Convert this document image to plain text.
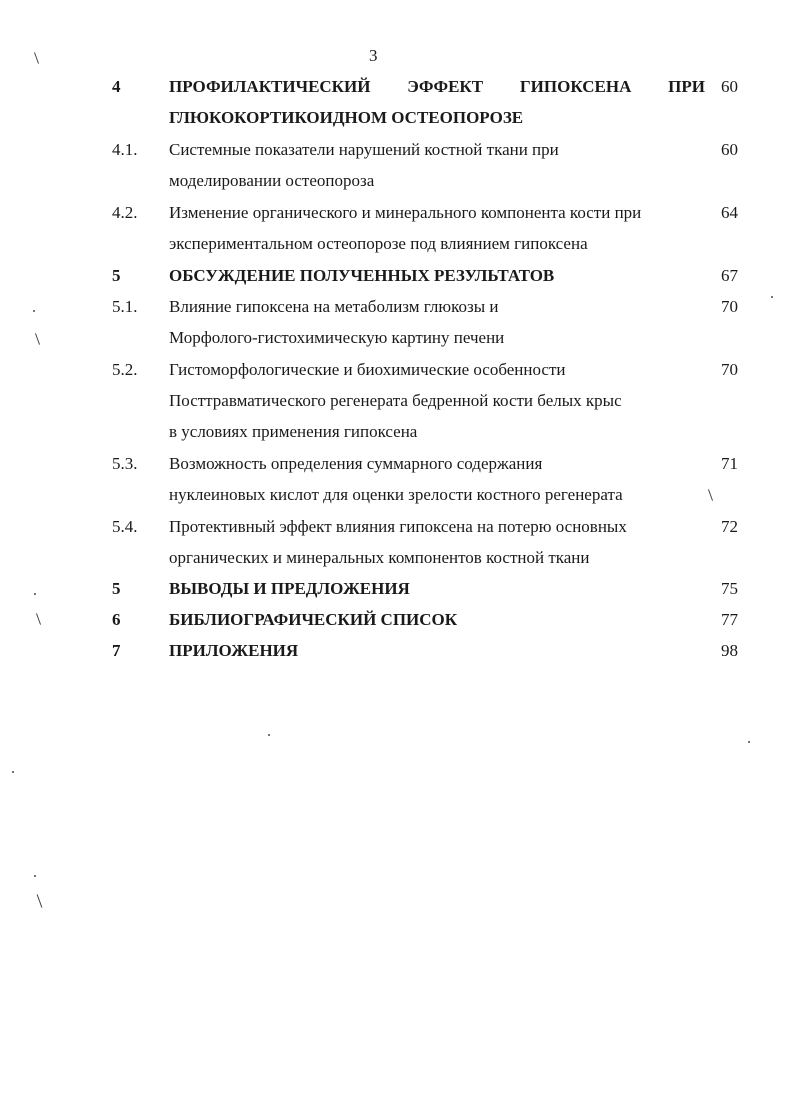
3
4	ПРОФИЛАКТИЧЕСКИЙ ЭФФЕКТ ГИПОКСЕНА ПРИ 60
ГЛЮКОКОРТИКОИДНОМ ОСТЕОПОРОЗЕ
4.1. Системные показатели нарушений костной ткани при	60
моделировании остеопороза
4.2. Изменение органического и минерального компонента кости при	64
экспериментальном остеопорозе под влиянием гипоксена
5	ОБСУЖДЕНИЕ ПОЛУЧЕННЫХ РЕЗУЛЬТАТОВ	67
5.1. Влияние гипоксена на метаболизм глюкозы и	70
Морфолого-гистохимическую картину печени
5.2. Гистоморфологические и биохимические особенности	70
Посттравматического регенерата бедренной кости белых крыс
в условиях применения гипоксена
5.3. Возможность определения суммарного содержания	71
нуклеиновых кислот для оценки зрелости костного регенерата
5.4. Протективный эффект влияния гипоксена на потерю основных	72
органических и минеральных компонентов костной ткани
5	ВЫВОДЫ И ПРЕДЛОЖЕНИЯ	75
6	БИБЛИОГРАФИЧЕСКИЙ СПИСОК	77
7	ПРИЛОЖЕНИЯ	98
